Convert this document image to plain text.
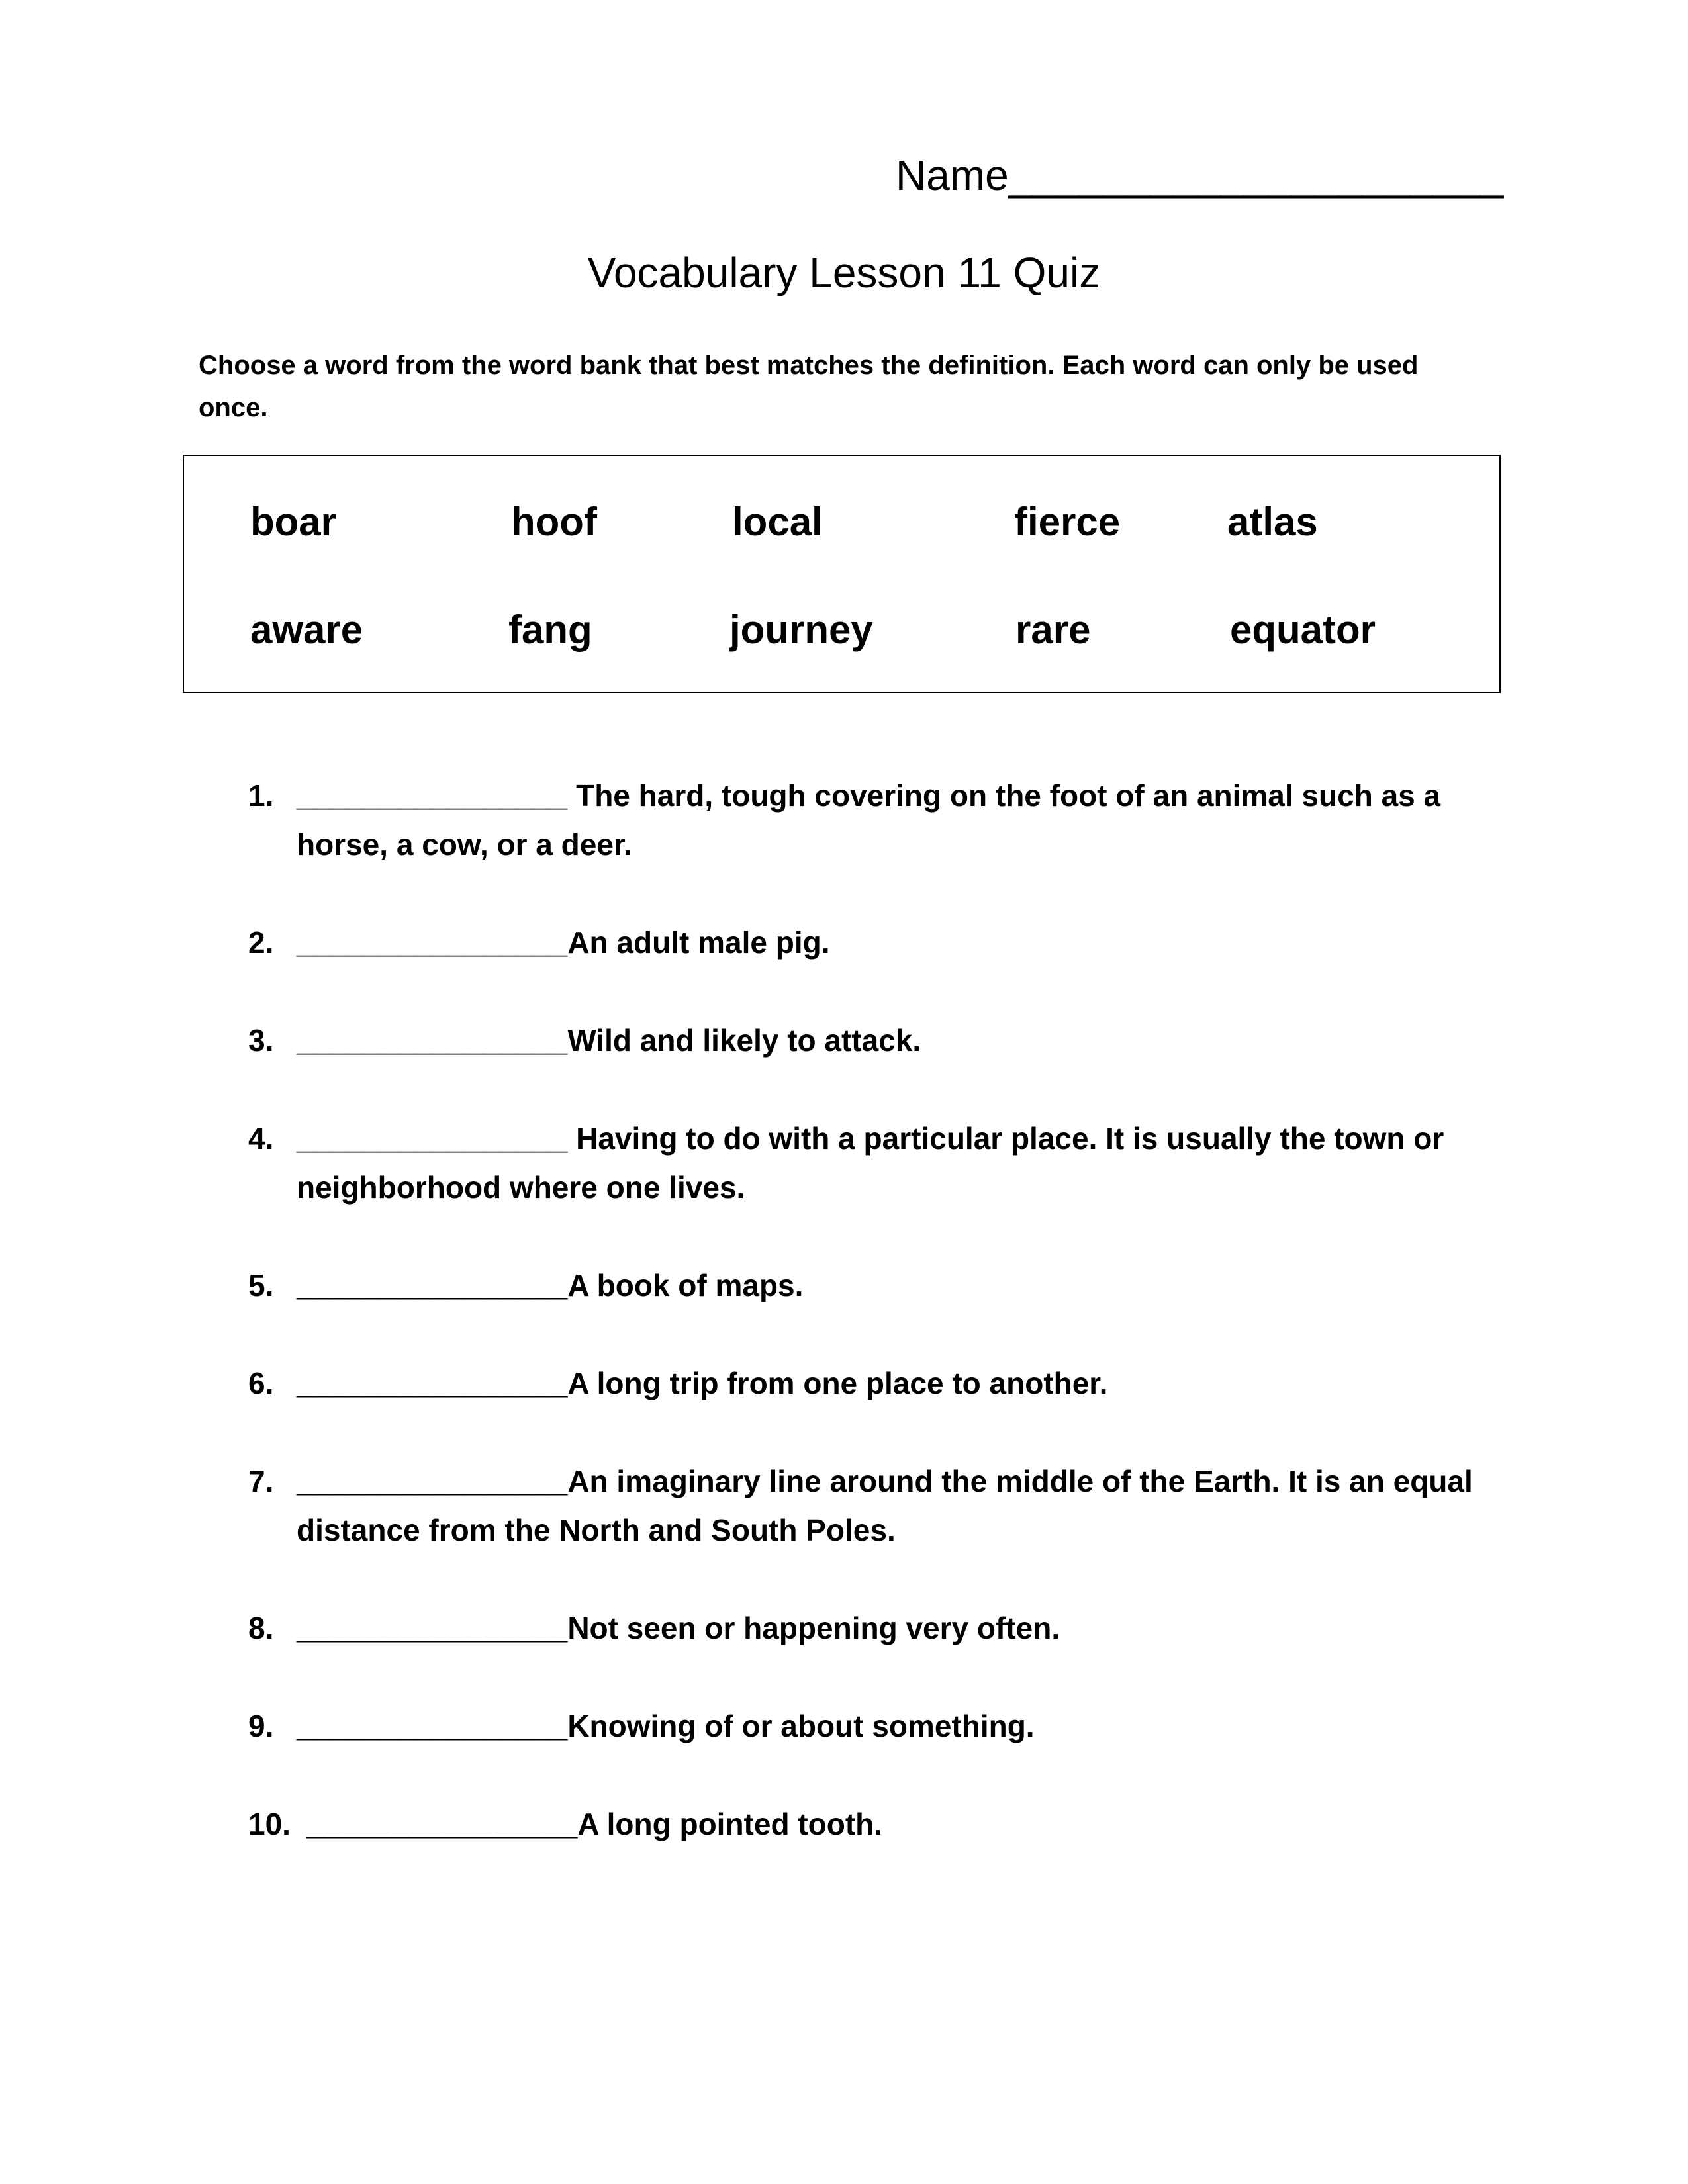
Name_____________________
Vocabulary Lesson 11 Quiz
Choose a word from the word bank that best matches the definition. Each word can only be used once.
boar	hoof	local	fierce	atlas
aware	fang	journey	rare	equator
1. ________________ The hard, tough covering on the foot of an animal such as a horse, a cow, or a deer.
2. ________________An adult male pig.
3. ________________Wild and likely to attack.
4. ________________ Having to do with a particular place. It is usually the town or neighborhood where one lives.
5. ________________A book of maps.
6. ________________A long trip from one place to another.
7. ________________An imaginary line around the middle of the Earth. It is an equal distance from the North and South Poles.
8. ________________Not seen or happening very often.
9. ________________Knowing of or about something.
10. ________________A long pointed tooth.
